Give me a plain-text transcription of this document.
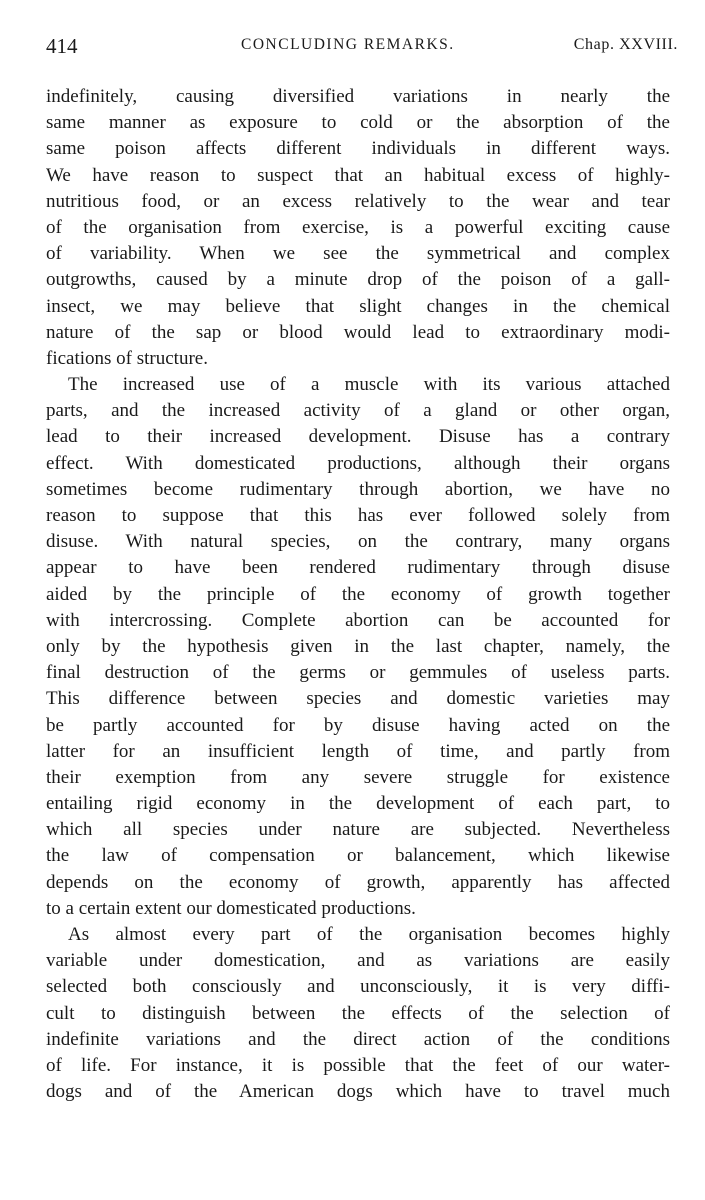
414	CONCLUDING REMARKS.	Chap. XXVIII.
indefinitely, causing diversified variations in nearly the
same manner as exposure to cold or the absorption of the
same poison affects different individuals in different ways.
We have reason to suspect that an habitual excess of highly-
nutritious food, or an excess relatively to the wear and tear
of the organisation from exercise, is a powerful exciting cause
of variability. When we see the symmetrical and complex
outgrowths, caused by a minute drop of the poison of a gall-
insect, we may believe that slight changes in the chemical
nature of the sap or blood would lead to extraordinary modi-
fications of structure.
The increased use of a muscle with its various attached
parts, and the increased activity of a gland or other organ,
lead to their increased development. Disuse has a contrary
effect. With domesticated productions, although their organs
sometimes become rudimentary through abortion, we have no
reason to suppose that this has ever followed solely from
disuse. With natural species, on the contrary, many organs
appear to have been rendered rudimentary through disuse
aided by the principle of the economy of growth together
with intercrossing. Complete abortion can be accounted for
only by the hypothesis given in the last chapter, namely, the
final destruction of the germs or gemmules of useless parts.
This difference between species and domestic varieties may
be partly accounted for by disuse having acted on the
latter for an insufficient length of time, and partly from
their exemption from any severe struggle for existence
entailing rigid economy in the development of each part, to
which all species under nature are subjected. Nevertheless
the law of compensation or balancement, which likewise
depends on the economy of growth, apparently has affected
to a certain extent our domesticated productions.
As almost every part of the organisation becomes highly
variable under domestication, and as variations are easily
selected both consciously and unconsciously, it is very diffi-
cult to distinguish between the effects of the selection of
indefinite variations and the direct action of the conditions
of life. For instance, it is possible that the feet of our water-
dogs and of the American dogs which have to travel much
